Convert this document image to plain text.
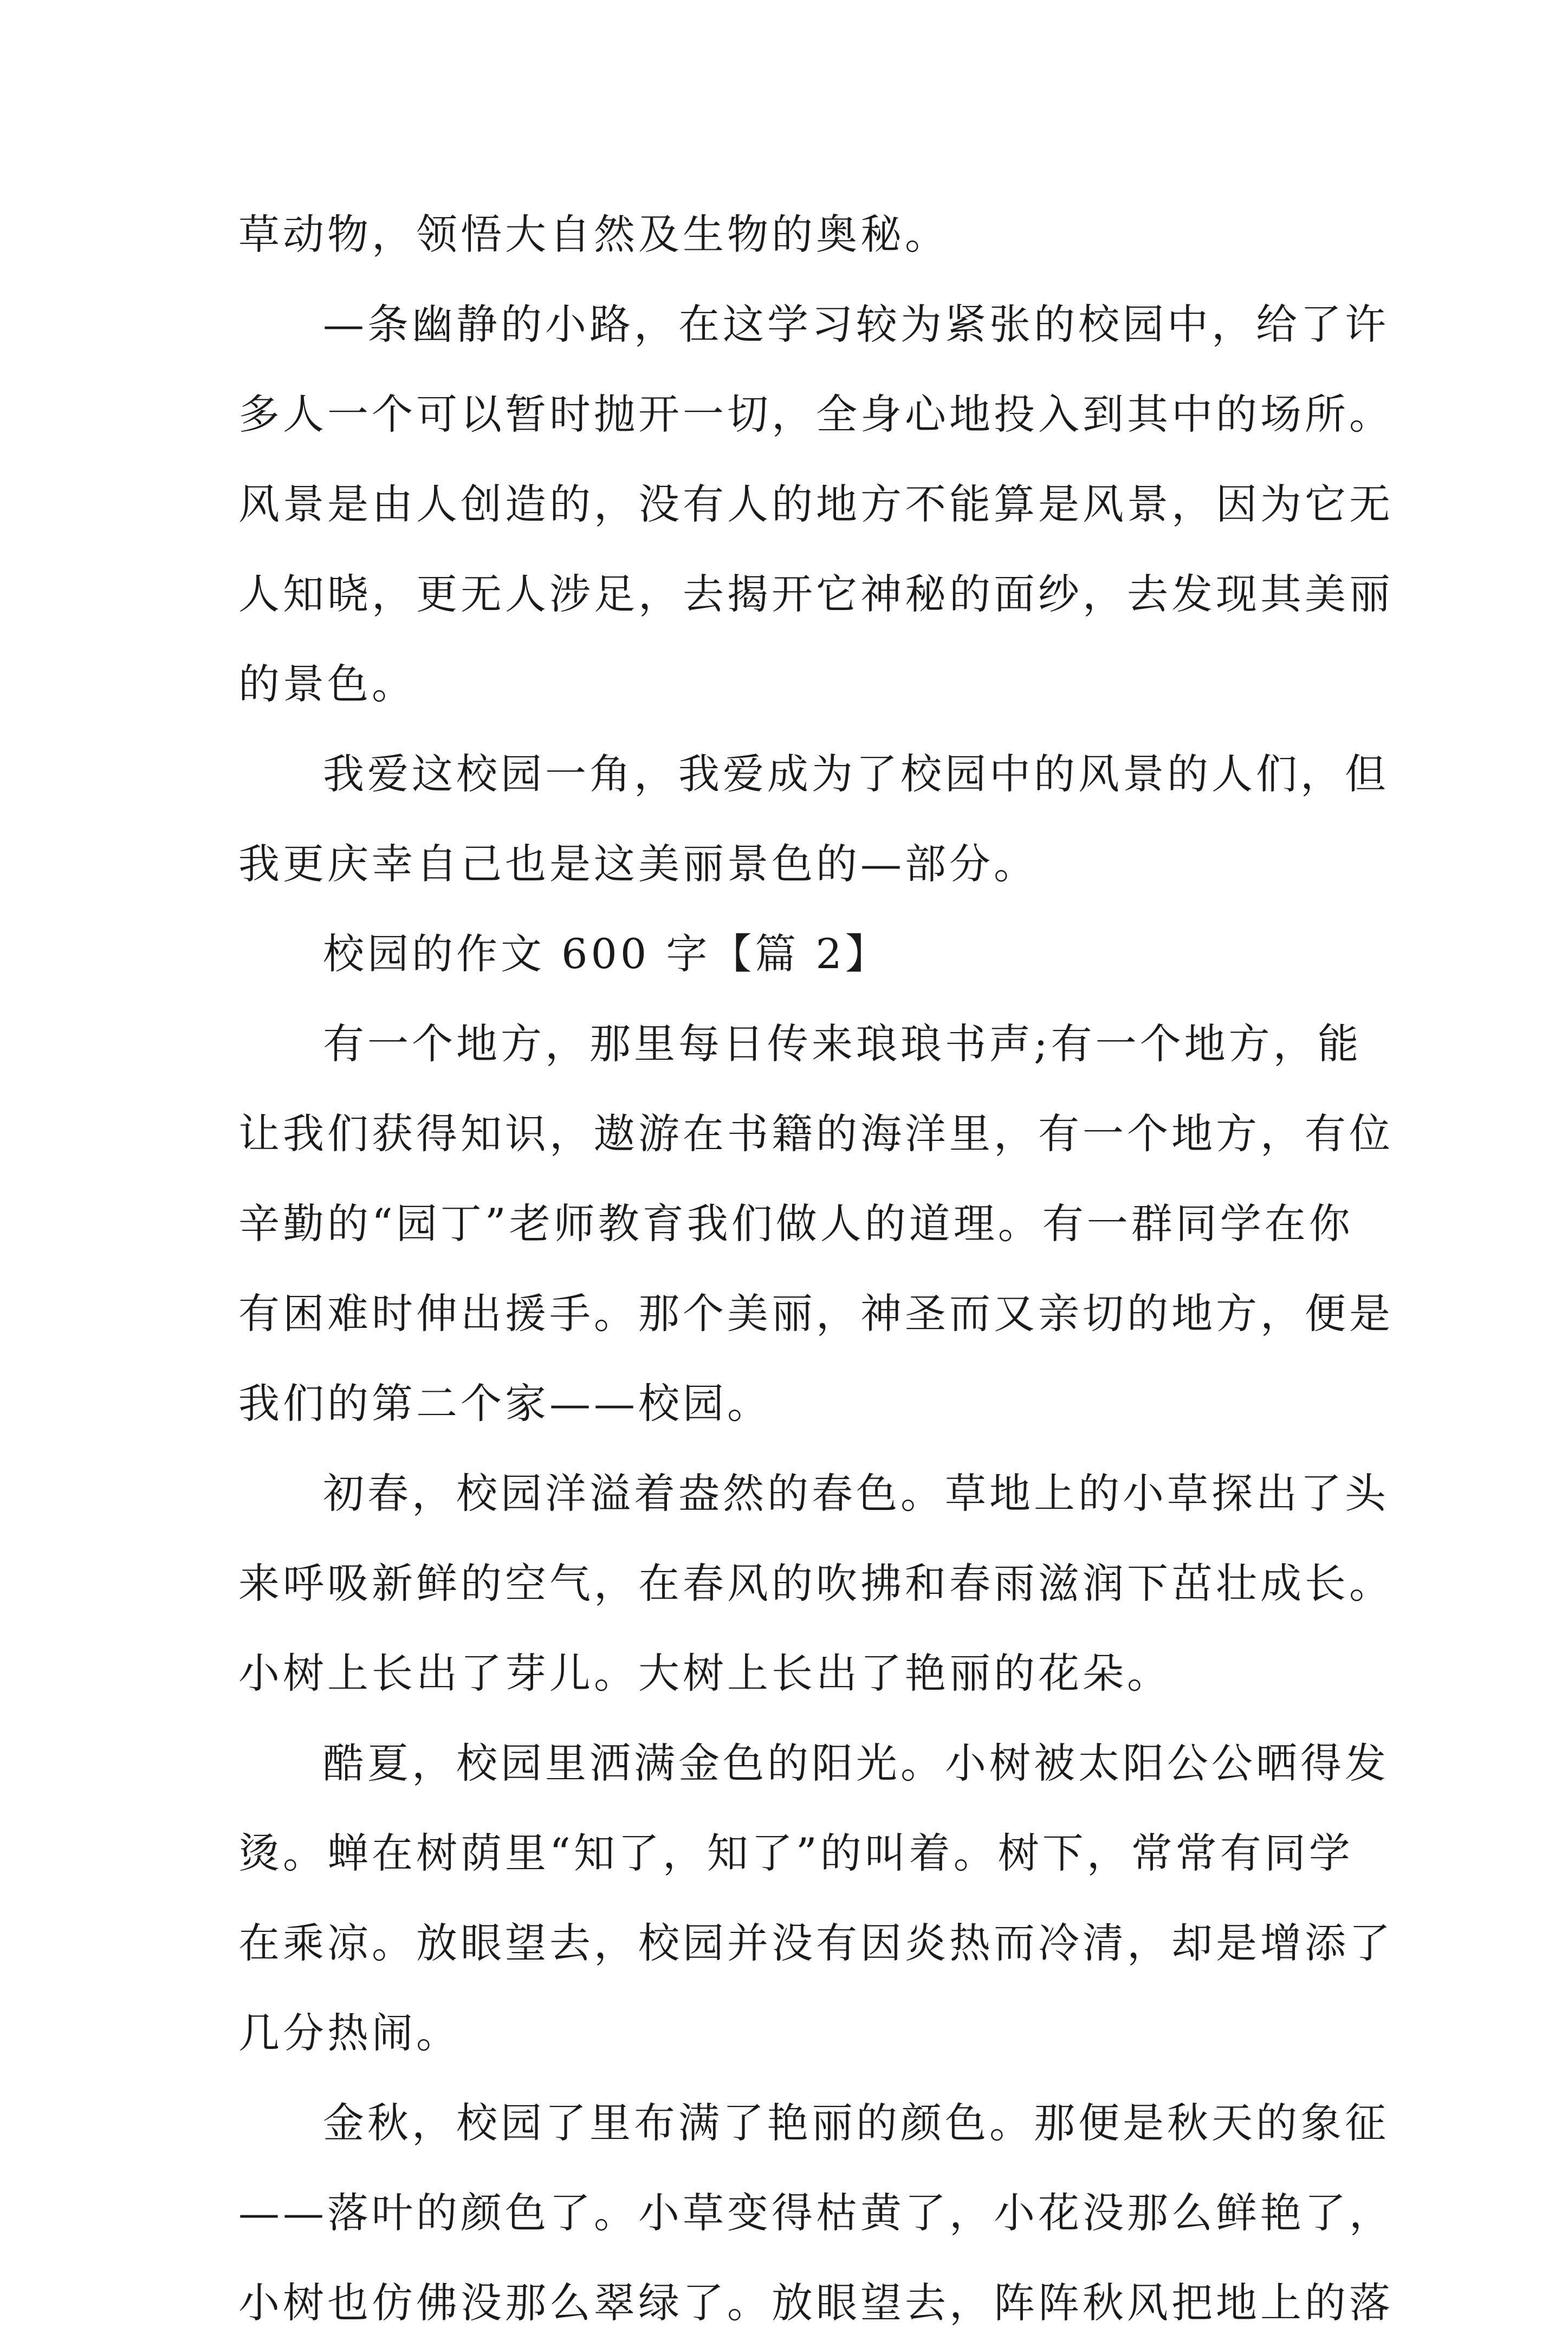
草动物，领悟大自然及生物的奥秘。
—条幽静的小路，在这学习较为紧张的校园中，给了许
多人一个可以暂时抛开一切，全身心地投入到其中的场所。
风景是由人创造的，没有人的地方不能算是风景，因为它无
人知晓，更无人涉足，去揭开它神秘的面纱，去发现其美丽
的景色。
我爱这校园一角，我爱成为了校园中的风景的人们，但
我更庆幸自己也是这美丽景色的—部分。
校园的作文 600 字【篇 2】
有一个地方，那里每日传来琅琅书声;有一个地方，能
让我们获得知识，遨游在书籍的海洋里，有一个地方，有位
辛勤的“园丁”老师教育我们做人的道理。有一群同学在你
有困难时伸出援手。那个美丽，神圣而又亲切的地方，便是
我们的第二个家——校园。
初春，校园洋溢着盎然的春色。草地上的小草探出了头
来呼吸新鲜的空气，在春风的吹拂和春雨滋润下茁壮成长。
小树上长出了芽儿。大树上长出了艳丽的花朵。
酷夏，校园里洒满金色的阳光。小树被太阳公公晒得发
烫。蝉在树荫里“知了，知了”的叫着。树下，常常有同学
在乘凉。放眼望去，校园并没有因炎热而冷清，却是增添了
几分热闹。
金秋，校园了里布满了艳丽的颜色。那便是秋天的象征
——落叶的颜色了。小草变得枯黄了，小花没那么鲜艳了，
小树也仿佛没那么翠绿了。放眼望去，阵阵秋风把地上的落
